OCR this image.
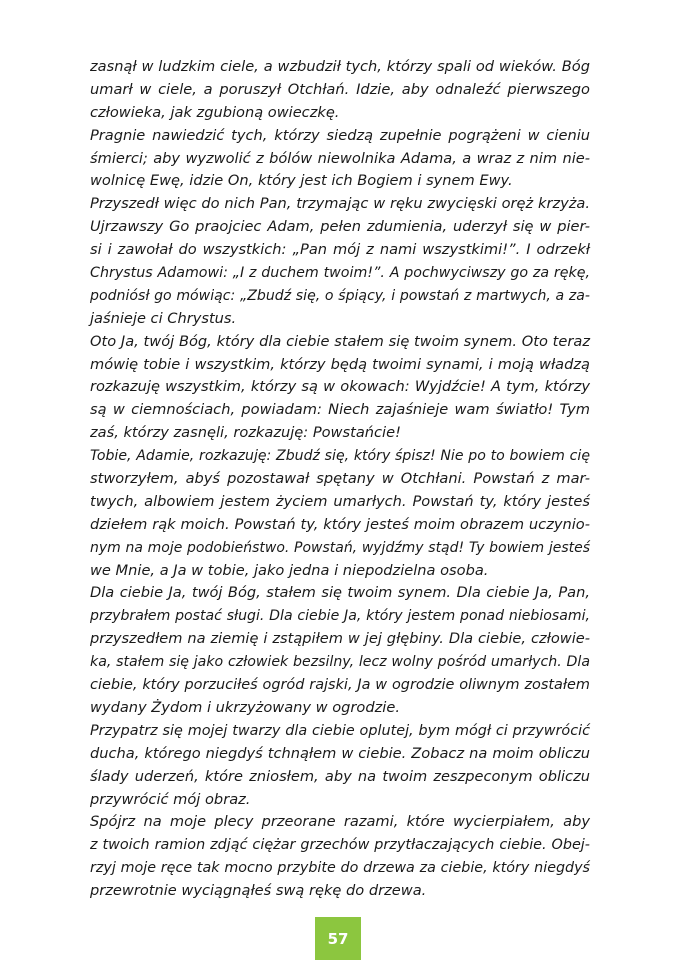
zasnął w ludzkim ciele, a wzbudził tych, którzy spali od wieków. Bóg
umarł w ciele, a poruszył Otchłań. Idzie, aby odnaleźć pierwszego
człowieka, jak zgubioną owieczkę.
Pragnie nawiedzić tych, którzy siedzą zupełnie pogrążeni w cieniu
śmierci; aby wyzwolić z bólów niewolnika Adama, a wraz z nim nie-
wolnicę Ewę, idzie On, który jest ich Bogiem i synem Ewy.
Przyszedł więc do nich Pan, trzymając w ręku zwycięski oręż krzyża.
Ujrzawszy Go praojciec Adam, pełen zdumienia, uderzył się w pier-
si i zawołał do wszystkich: „Pan mój z nami wszystkimi!”. I odrzekł
Chrystus Adamowi: „I z duchem twoim!”. A pochwyciwszy go za rękę,
podniósł go mówiąc: „Zbudź się, o śpiący, i powstań z martwych, a za-
jaśnieje ci Chrystus.
Oto Ja, twój Bóg, który dla ciebie stałem się twoim synem. Oto teraz
mówię tobie i wszystkim, którzy będą twoimi synami, i moją władzą
rozkazuję wszystkim, którzy są w okowach: Wyjdźcie! A tym, którzy
są w ciemnościach, powiadam: Niech zajaśnieje wam światło! Tym
zaś, którzy zasnęli, rozkazuję: Powstańcie!
Tobie, Adamie, rozkazuję: Zbudź się, który śpisz! Nie po to bowiem cię
stworzyłem, abyś pozostawał spętany w Otchłani. Powstań z mar-
twych, albowiem jestem życiem umarłych. Powstań ty, który jesteś
dziełem rąk moich. Powstań ty, który jesteś moim obrazem uczynio-
nym na moje podobieństwo. Powstań, wyjdźmy stąd! Ty bowiem jesteś
we Mnie, a Ja w tobie, jako jedna i niepodzielna osoba.
Dla ciebie Ja, twój Bóg, stałem się twoim synem. Dla ciebie Ja, Pan,
przybrałem postać sługi. Dla ciebie Ja, który jestem ponad niebiosami,
przyszedłem na ziemię i zstąpiłem w jej głębiny. Dla ciebie, człowie-
ka, stałem się jako człowiek bezsilny, lecz wolny pośród umarłych. Dla
ciebie, który porzuciłeś ogród rajski, Ja w ogrodzie oliwnym zostałem
wydany Żydom i ukrzyżowany w ogrodzie.
Przypatrz się mojej twarzy dla ciebie oplutej, bym mógł ci przywrócić
ducha, którego niegdyś tchnąłem w ciebie. Zobacz na moim obliczu
ślady uderzeń, które zniosłem, aby na twoim zeszpeconym obliczu
przywrócić mój obraz.
Spójrz na moje plecy przeorane razami, które wycierpiałem, aby
z twoich ramion zdjąć ciężar grzechów przytłaczających ciebie. Obej-
rzyj moje ręce tak mocno przybite do drzewa za ciebie, który niegdyś
przewrotnie wyciągnąłeś swą rękę do drzewa.
57
